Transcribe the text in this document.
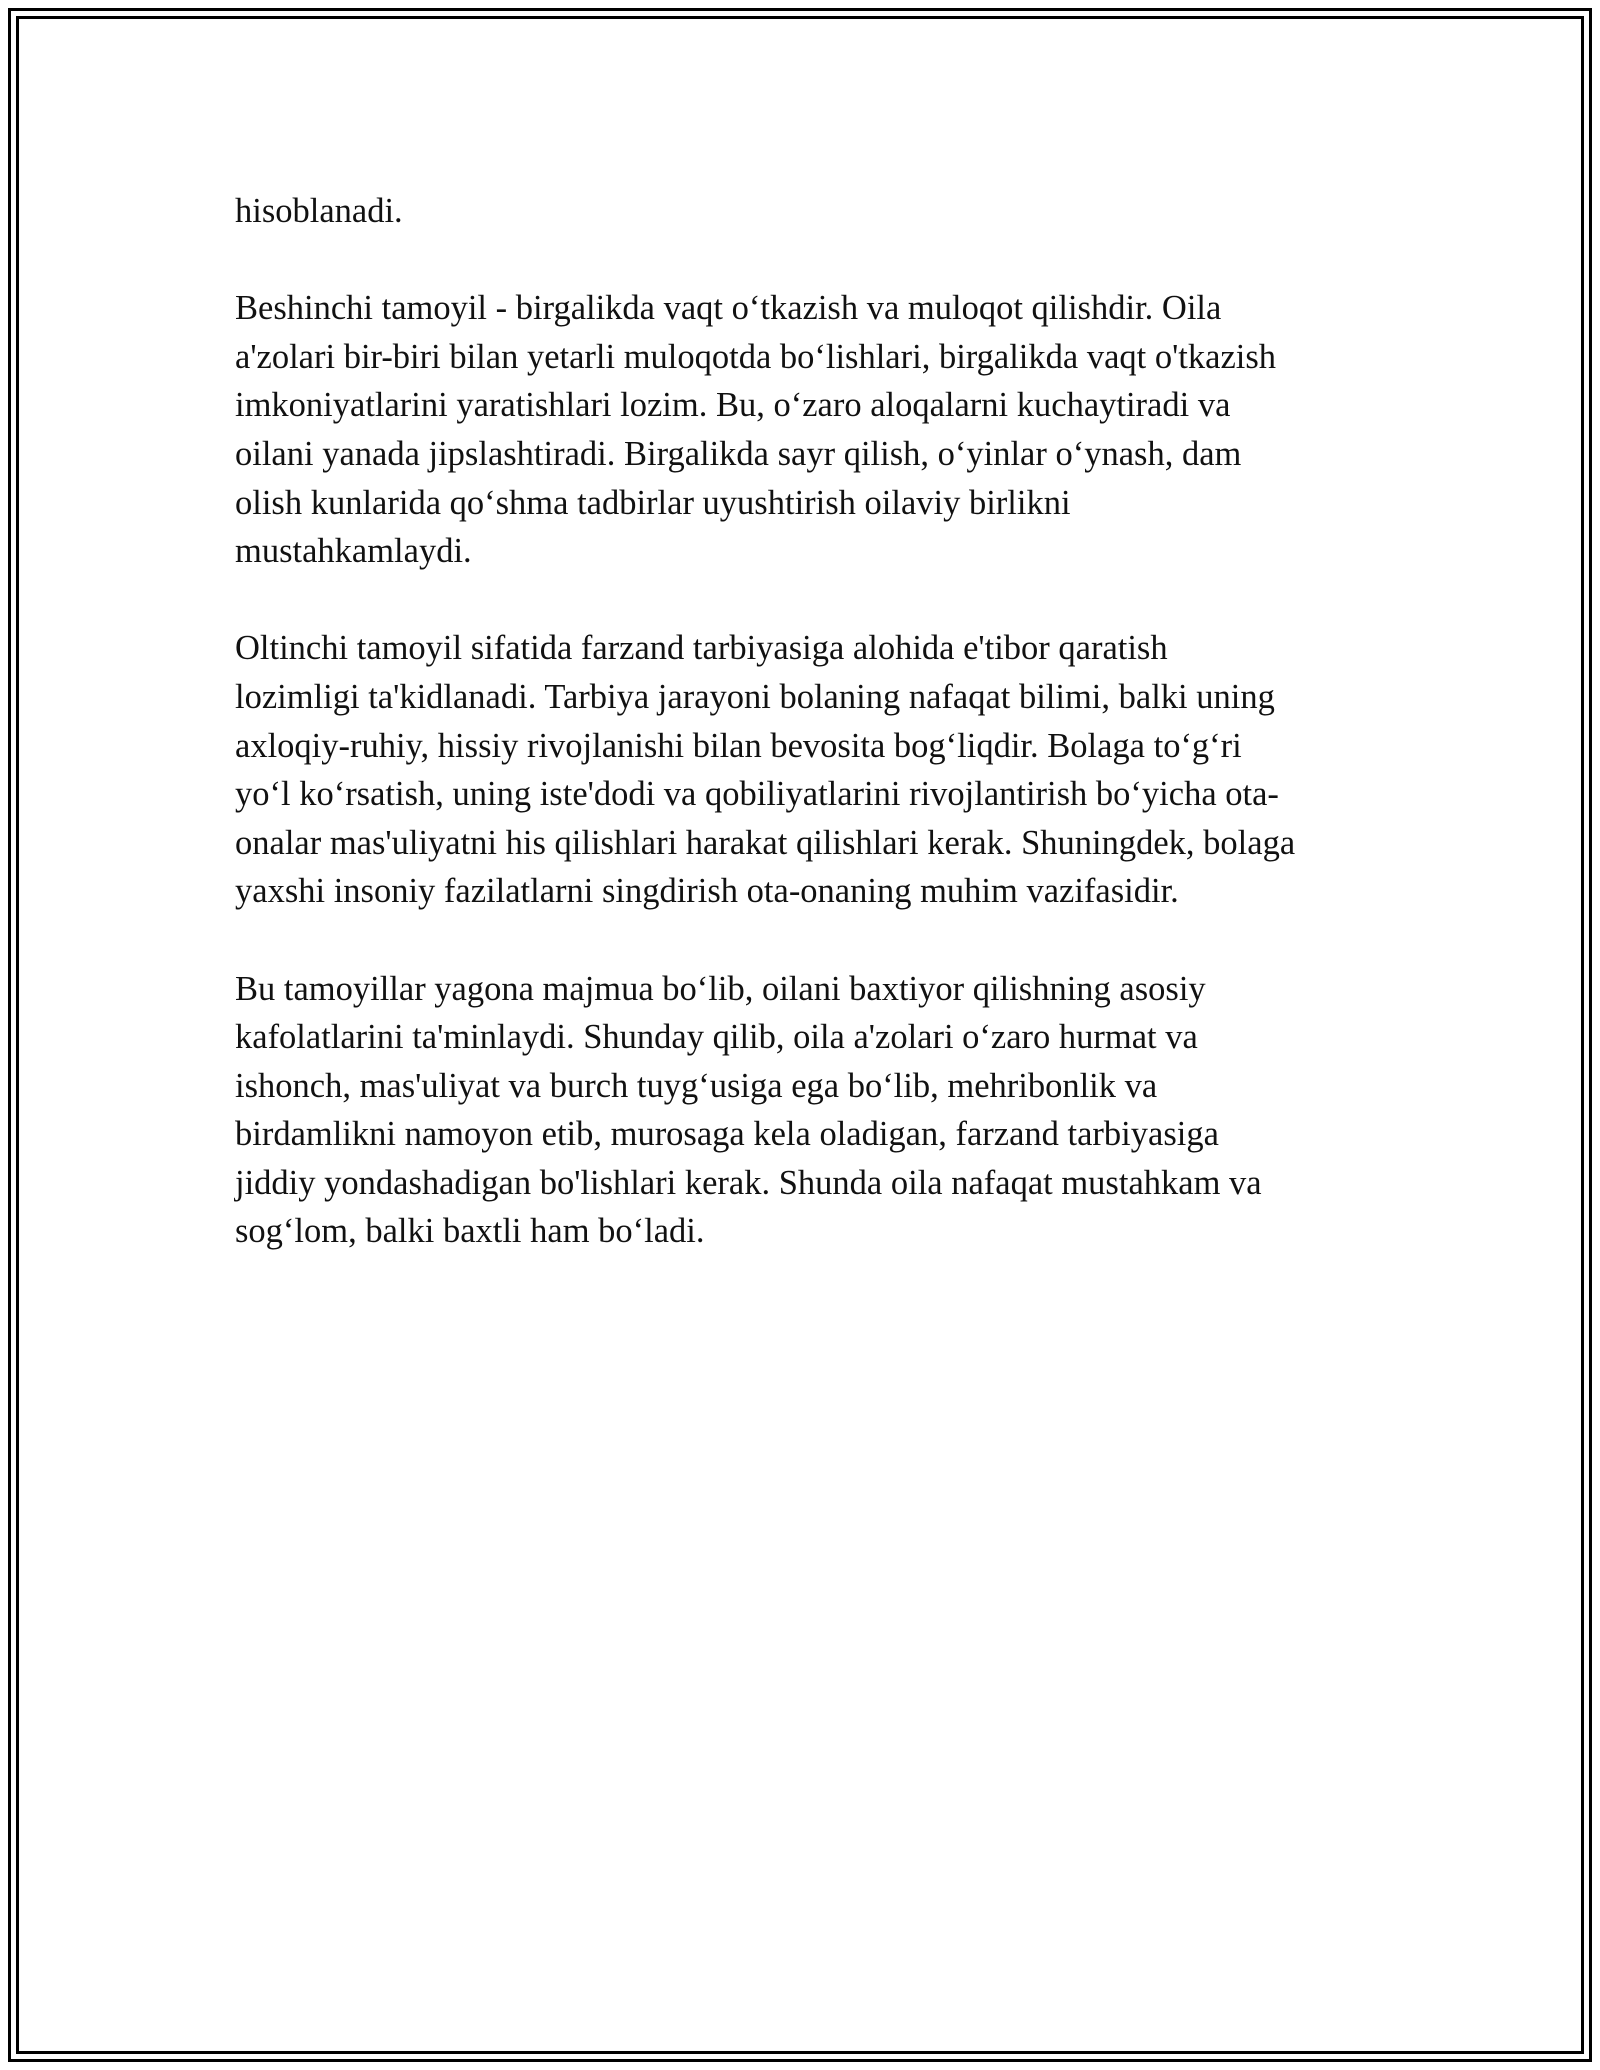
hisoblanadi.

Beshinchi tamoyil - birgalikda vaqt o‘tkazish va muloqot qilishdir. Oila
a'zolari bir-biri bilan yetarli muloqotda bo‘lishlari, birgalikda vaqt o'tkazish
imkoniyatlarini yaratishlari lozim. Bu, o‘zaro aloqalarni kuchaytiradi va
oilani yanada jipslashtiradi. Birgalikda sayr qilish, o‘yinlar o‘ynash, dam
olish kunlarida qo‘shma tadbirlar uyushtirish oilaviy birlikni
mustahkamlaydi.

Oltinchi tamoyil sifatida farzand tarbiyasiga alohida e'tibor qaratish
lozimligi ta'kidlanadi. Tarbiya jarayoni bolaning nafaqat bilimi, balki uning
axloqiy-ruhiy, hissiy rivojlanishi bilan bevosita bog‘liqdir. Bolaga to‘g‘ri
yo‘l ko‘rsatish, uning iste'dodi va qobiliyatlarini rivojlantirish bo‘yicha ota-
onalar mas'uliyatni his qilishlari harakat qilishlari kerak. Shuningdek, bolaga
yaxshi insoniy fazilatlarni singdirish ota-onaning muhim vazifasidir.

Bu tamoyillar yagona majmua bo‘lib, oilani baxtiyor qilishning asosiy
kafolatlarini ta'minlaydi. Shunday qilib, oila a'zolari o‘zaro hurmat va
ishonch, mas'uliyat va burch tuyg‘usiga ega bo‘lib, mehribonlik va
birdamlikni namoyon etib, murosaga kela oladigan, farzand tarbiyasiga
jiddiy yondashadigan bo'lishlari kerak. Shunda oila nafaqat mustahkam va
sog‘lom, balki baxtli ham bo‘ladi.
